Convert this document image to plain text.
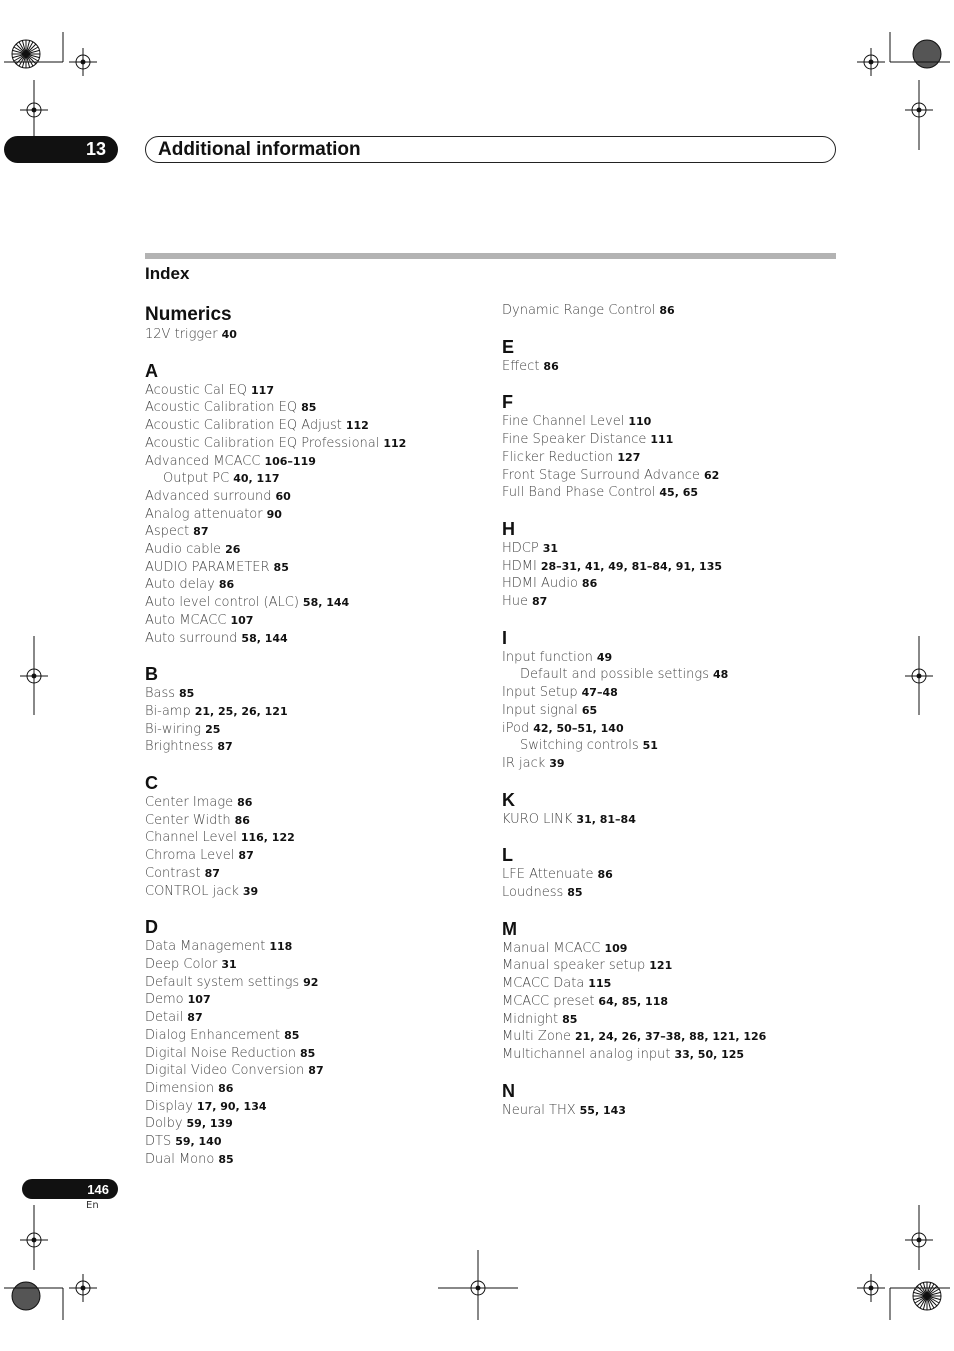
13	Additional information
Index
Numerics
12V trigger 40
A
Acoustic Cal EQ 117
Acoustic Calibration EQ 85
Acoustic Calibration EQ Adjust 112
Acoustic Calibration EQ Professional 112
Advanced MCACC 106–119
Output PC 40, 117
Advanced surround 60
Analog attenuator 90
Aspect 87
Audio cable 26
AUDIO PARAMETER 85
Auto delay 86
Auto level control (ALC) 58, 144
Auto MCACC 107
Auto surround 58, 144
B
Bass 85
Bi-amp 21, 25, 26, 121
Bi-wiring 25
Brightness 87
C
Center Image 86
Center Width 86
Channel Level 116, 122
Chroma Level 87
Contrast 87
CONTROL jack 39
D
Data Management 118
Deep Color 31
Default system settings 92
Demo 107
Detail 87
Dialog Enhancement 85
Digital Noise Reduction 85
Digital Video Conversion 87
Dimension 86
Display 17, 90, 134
Dolby 59, 139
DTS 59, 140
Dual Mono 85
Dynamic Range Control 86
E
Effect 86
F
Fine Channel Level 110
Fine Speaker Distance 111
Flicker Reduction 127
Front Stage Surround Advance 62
Full Band Phase Control 45, 65
H
HDCP 31
HDMI 28–31, 41, 49, 81–84, 91, 135
HDMI Audio 86
Hue 87
I
Input function 49
Default and possible settings 48
Input Setup 47–48
Input signal 65
iPod 42, 50–51, 140
Switching controls 51
IR jack 39
K
KURO LINK 31, 81–84
L
LFE Attenuate 86
Loudness 85
M
Manual MCACC 109
Manual speaker setup 121
MCACC Data 115
MCACC preset 64, 85, 118
Midnight 85
Multi Zone 21, 24, 26, 37–38, 88, 121, 126
Multichannel analog input 33, 50, 125
N
Neural THX 55, 143
146
En
